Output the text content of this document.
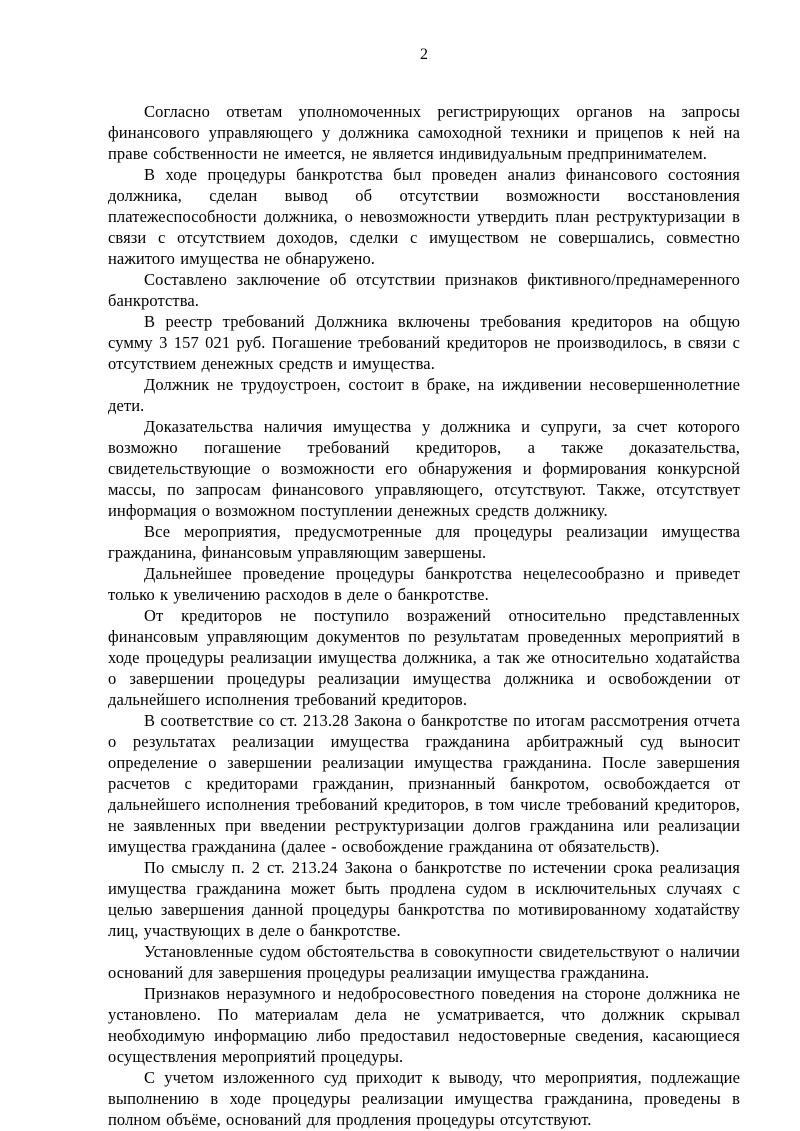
2

Согласно ответам уполномоченных регистрирующих органов на запросы финансового управляющего у должника самоходной техники и прицепов к ней на праве собственности не имеется, не является индивидуальным предпринимателем.

В ходе процедуры банкротства был проведен анализ финансового состояния должника, сделан вывод об отсутствии возможности восстановления платежеспособности должника, о невозможности утвердить план реструктуризации в связи с отсутствием доходов, сделки с имуществом не совершались, совместно нажитого имущества не обнаружено.

Составлено заключение об отсутствии признаков фиктивного/преднамеренного банкротства.

В реестр требований Должника включены требования кредиторов на общую сумму 3 157 021 руб. Погашение требований кредиторов не производилось, в связи с отсутствием денежных средств и имущества.

Должник не трудоустроен, состоит в браке, на иждивении несовершеннолетние дети.

Доказательства наличия имущества у должника и супруги, за счет которого возможно погашение требований кредиторов, а также доказательства, свидетельствующие о возможности его обнаружения и формирования конкурсной массы, по запросам финансового управляющего, отсутствуют. Также, отсутствует информация о возможном поступлении денежных средств должнику.

Все мероприятия, предусмотренные для процедуры реализации имущества гражданина, финансовым управляющим завершены.

Дальнейшее проведение процедуры банкротства нецелесообразно и приведет только к увеличению расходов в деле о банкротстве.

От кредиторов не поступило возражений относительно представленных финансовым управляющим документов по результатам проведенных мероприятий в ходе процедуры реализации имущества должника, а так же относительно ходатайства о завершении процедуры реализации имущества должника и освобождении от дальнейшего исполнения требований кредиторов.

В соответствие со ст. 213.28 Закона о банкротстве по итогам рассмотрения отчета о результатах реализации имущества гражданина арбитражный суд выносит определение о завершении реализации имущества гражданина. После завершения расчетов с кредиторами гражданин, признанный банкротом, освобождается от дальнейшего исполнения требований кредиторов, в том числе требований кредиторов, не заявленных при введении реструктуризации долгов гражданина или реализации имущества гражданина (далее - освобождение гражданина от обязательств).

По смыслу п. 2 ст. 213.24 Закона о банкротстве по истечении срока реализация имущества гражданина может быть продлена судом в исключительных случаях с целью завершения данной процедуры банкротства по мотивированному ходатайству лиц, участвующих в деле о банкротстве.

Установленные судом обстоятельства в совокупности свидетельствуют о наличии оснований для завершения процедуры реализации имущества гражданина.

Признаков неразумного и недобросовестного поведения на стороне должника не установлено. По материалам дела не усматривается, что должник скрывал необходимую информацию либо предоставил недостоверные сведения, касающиеся осуществления мероприятий процедуры.

С учетом изложенного суд приходит к выводу, что мероприятия, подлежащие выполнению в ходе процедуры реализации имущества гражданина, проведены в полном объёме, оснований для продления процедуры отсутствуют.
